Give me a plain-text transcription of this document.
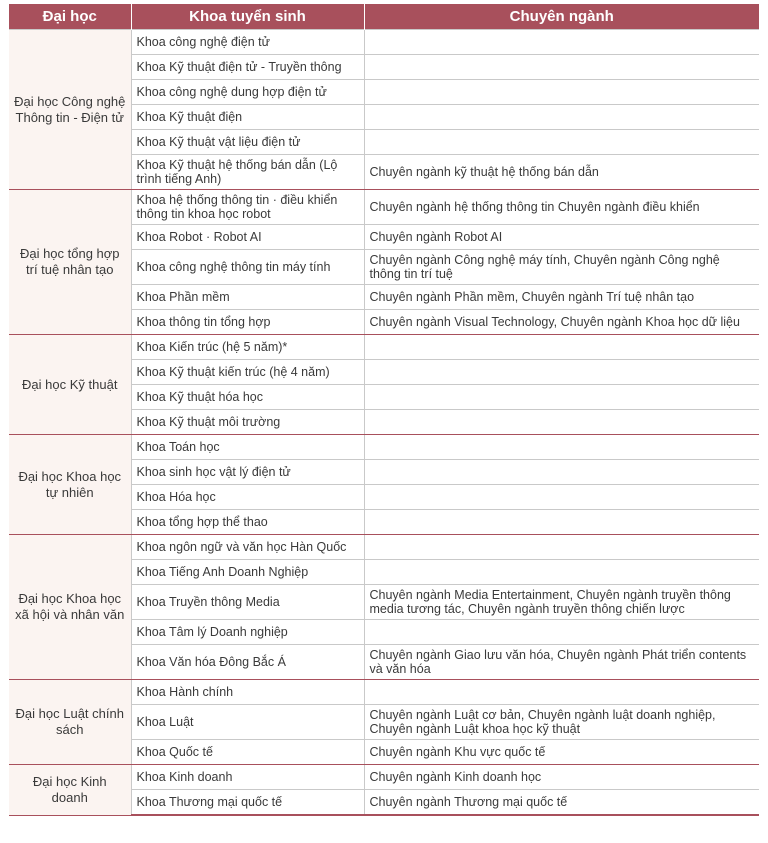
Đại học	Khoa tuyển sinh	Chuyên ngành
Đại học Công nghệ Thông tin - Điện tử	Khoa công nghệ điện tử	
	Khoa Kỹ thuật điện tử - Truyền thông	
	Khoa công nghệ dung hợp điện tử	
	Khoa Kỹ thuật điện	
	Khoa Kỹ thuật vật liệu điện tử	
	Khoa Kỹ thuật hệ thống bán dẫn (Lộ trình tiếng Anh)	Chuyên ngành kỹ thuật hệ thống bán dẫn
Đại học tổng hợp trí tuệ nhân tạo	Khoa hệ thống thông tin · điều khiển thông tin khoa học robot	Chuyên ngành hệ thống thông tin Chuyên ngành điều khiển
	Khoa Robot · Robot AI	Chuyên ngành Robot AI
	Khoa công nghệ thông tin máy tính	Chuyên ngành Công nghệ máy tính, Chuyên ngành Công nghệ thông tin trí tuệ
	Khoa Phần mềm	Chuyên ngành Phần mềm, Chuyên ngành Trí tuệ nhân tạo
	Khoa thông tin tổng hợp	Chuyên ngành Visual Technology, Chuyên ngành Khoa học dữ liệu
Đại học Kỹ thuật	Khoa Kiến trúc (hệ 5 năm)*	
	Khoa Kỹ thuật kiến trúc (hệ 4 năm)	
	Khoa Kỹ thuật hóa học	
	Khoa Kỹ thuật môi trường	
Đại học Khoa học tự nhiên	Khoa Toán học	
	Khoa sinh học vật lý điện tử	
	Khoa Hóa học	
	Khoa tổng hợp thể thao	
Đại học Khoa học xã hội và nhân văn	Khoa ngôn ngữ và văn học Hàn Quốc	
	Khoa Tiếng Anh Doanh Nghiệp	
	Khoa Truyền thông Media	Chuyên ngành Media Entertainment, Chuyên ngành truyền thông media tương tác, Chuyên ngành truyền thông chiến lược
	Khoa Tâm lý Doanh nghiệp	
	Khoa Văn hóa Đông Bắc Á	Chuyên ngành Giao lưu văn hóa, Chuyên ngành Phát triển contents và văn hóa
Đại học Luật chính sách	Khoa Hành chính	
	Khoa Luật	Chuyên ngành Luật cơ bản, Chuyên ngành luật doanh nghiệp, Chuyên ngành Luật khoa học kỹ thuật
	Khoa Quốc tế	Chuyên ngành Khu vực quốc tế
Đại học Kinh doanh	Khoa Kinh doanh	Chuyên ngành Kinh doanh học
	Khoa Thương mại quốc tế	Chuyên ngành Thương mại quốc tế
